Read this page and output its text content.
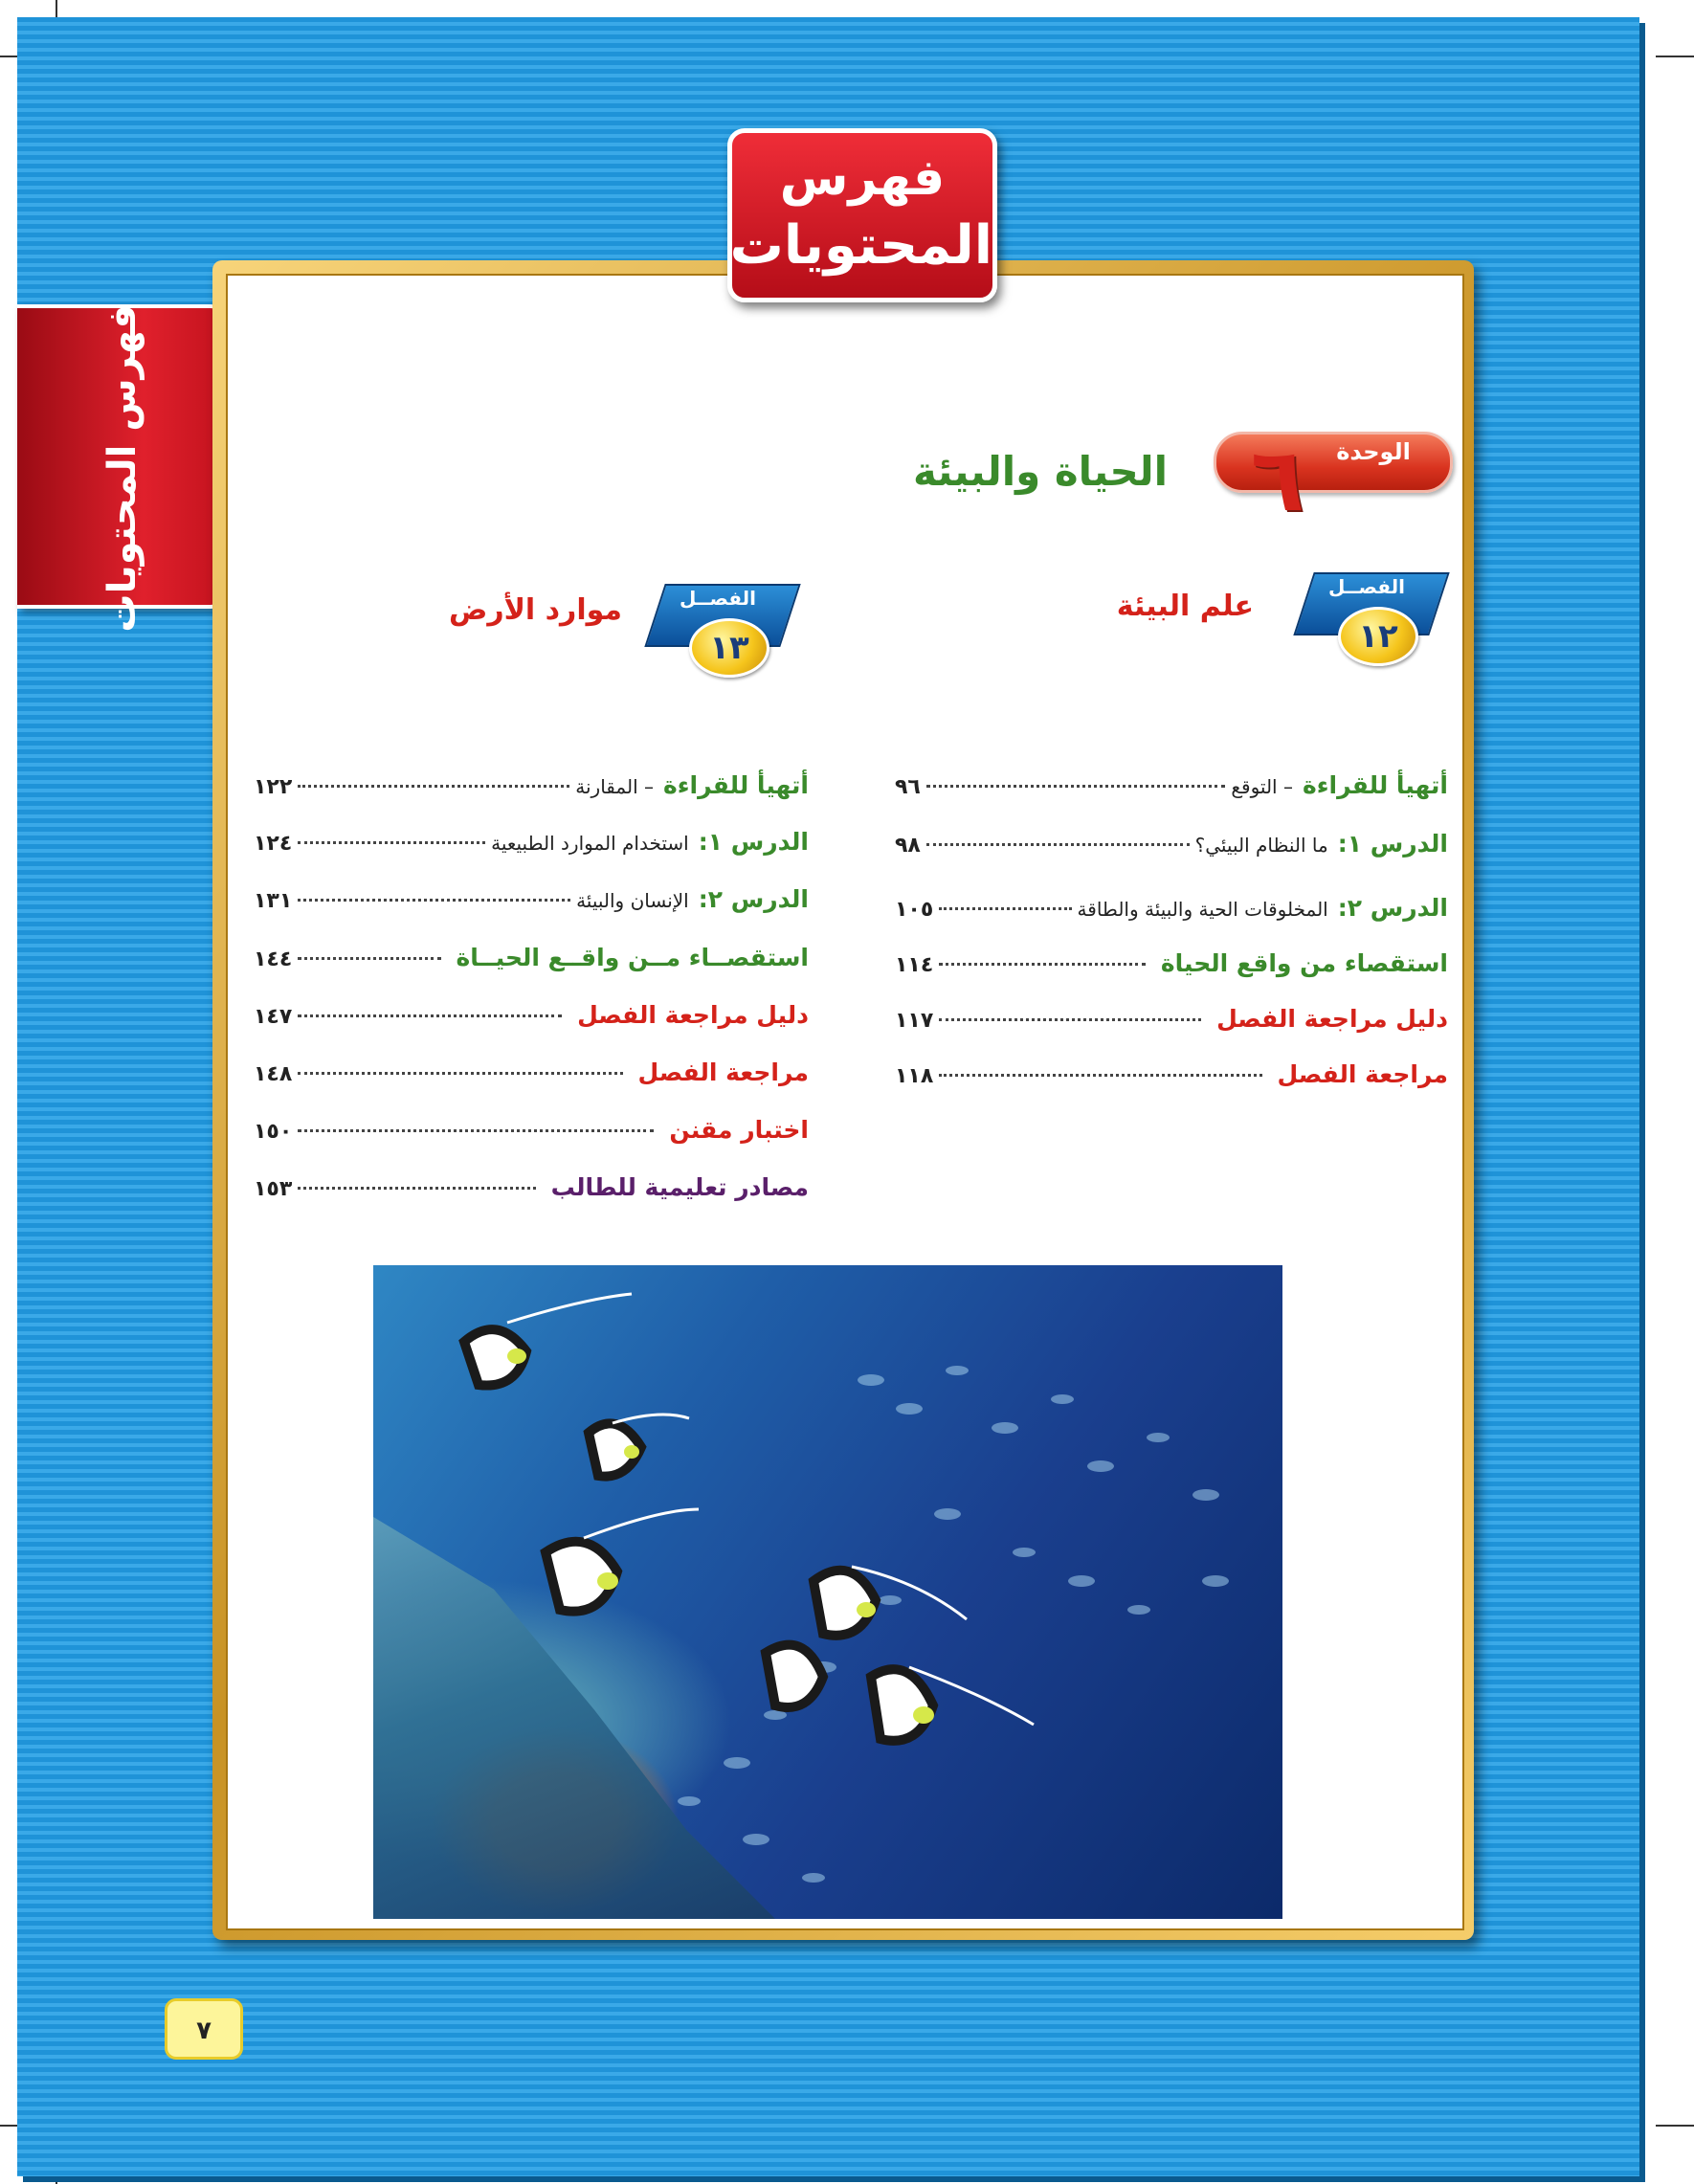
فهرس المحتويات
فهرس
المحتويات
الوحدة
٦
الحياة والبيئة
الفصــل
١٢
علم البيئة
الفصــل
١٣
موارد الأرض
أتهيأ للقراءة
– التوقع
٩٦
الدرس ١:
ما النظام البيئي؟
٩٨
الدرس ٢:
المخلوقات الحية والبيئة والطاقة
١٠٥
استقصاء من واقع الحياة
١١٤
دليل مراجعة الفصل
١١٧
مراجعة الفصل
١١٨
أتهيأ للقراءة
– المقارنة
١٢٢
الدرس ١:
استخدام الموارد الطبيعية
١٢٤
الدرس ٢:
الإنسان والبيئة
١٣١
استقصــاء مــن واقــع الحيــاة
١٤٤
دليل مراجعة الفصل
١٤٧
مراجعة الفصل
١٤٨
اختبار مقنن
١٥٠
مصادر تعليمية للطالب
١٥٣
٧
